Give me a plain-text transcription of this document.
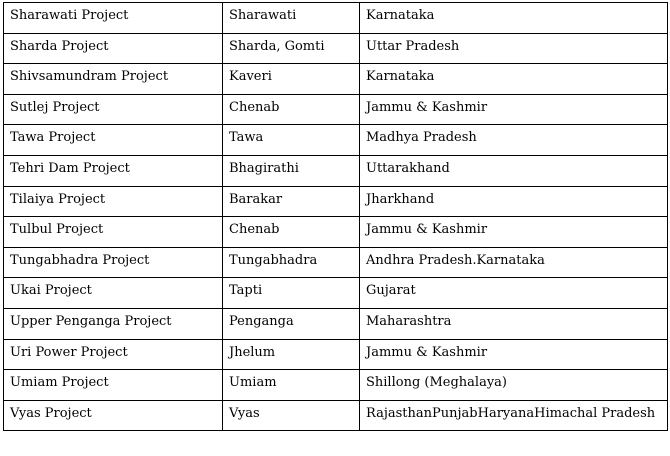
Sharawati Project	Sharawati	Karnataka
Sharda Project	Sharda, Gomti	Uttar Pradesh
Shivsamundram Project	Kaveri	Karnataka
Sutlej Project	Chenab	Jammu & Kashmir
Tawa Project	Tawa	Madhya Pradesh
Tehri Dam Project	Bhagirathi	Uttarakhand
Tilaiya Project	Barakar	Jharkhand
Tulbul Project	Chenab	Jammu & Kashmir
Tungabhadra Project	Tungabhadra	Andhra Pradesh.Karnataka
Ukai Project	Tapti	Gujarat
Upper Penganga Project	Penganga	Maharashtra
Uri Power Project	Jhelum	Jammu & Kashmir
Umiam Project	Umiam	Shillong (Meghalaya)
Vyas Project	Vyas	RajasthanPunjabHaryanaHimachal Pradesh
